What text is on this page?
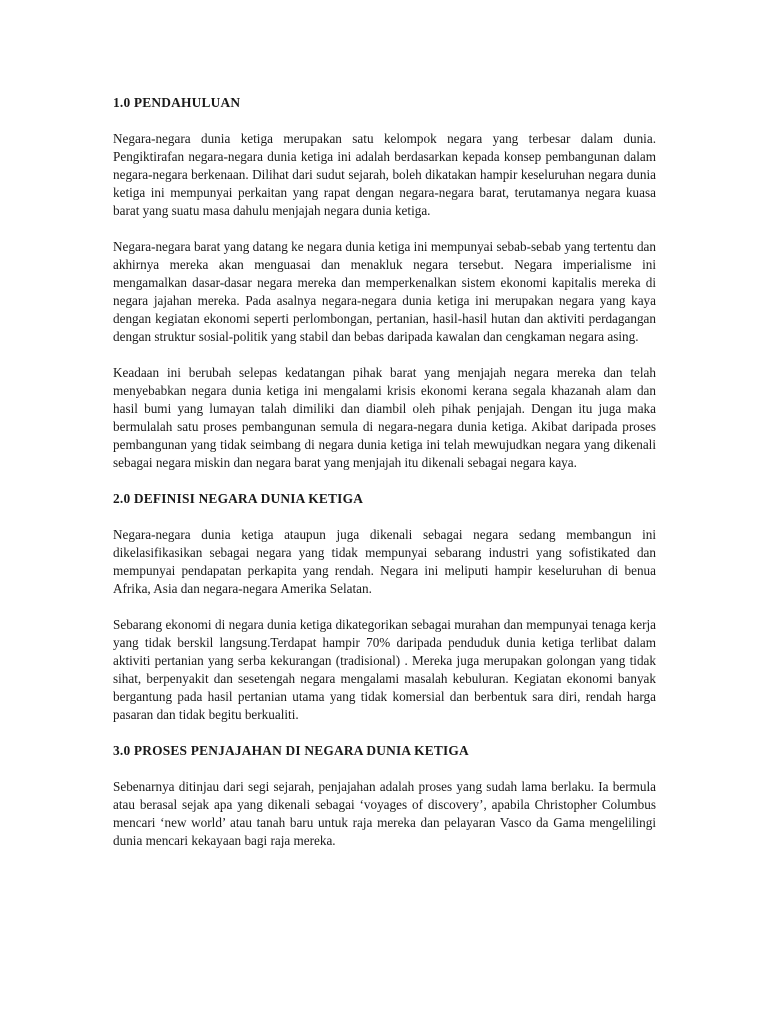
1.0 PENDAHULUAN

Negara-negara dunia ketiga merupakan satu kelompok negara yang terbesar dalam dunia. Pengiktirafan negara-negara dunia ketiga ini adalah berdasarkan kepada konsep pembangunan dalam negara-negara berkenaan. Dilihat dari sudut sejarah, boleh dikatakan hampir keseluruhan negara dunia ketiga ini mempunyai perkaitan yang rapat dengan negara-negara barat, terutamanya negara kuasa barat yang suatu masa dahulu menjajah negara dunia ketiga.

Negara-negara barat yang datang ke negara dunia ketiga ini mempunyai sebab-sebab yang tertentu dan akhirnya mereka akan menguasai dan menakluk negara tersebut. Negara imperialisme ini mengamalkan dasar-dasar negara mereka dan memperkenalkan sistem ekonomi kapitalis mereka di negara jajahan mereka. Pada asalnya negara-negara dunia ketiga ini merupakan negara yang kaya dengan kegiatan ekonomi seperti perlombongan, pertanian, hasil-hasil hutan dan aktiviti perdagangan dengan struktur sosial-politik yang stabil dan bebas daripada kawalan dan cengkaman negara asing.

Keadaan ini berubah selepas kedatangan pihak barat yang menjajah negara mereka dan telah menyebabkan negara dunia ketiga ini mengalami krisis ekonomi kerana segala khazanah alam dan hasil bumi yang lumayan talah dimiliki dan diambil oleh pihak penjajah. Dengan itu juga maka bermulalah satu proses pembangunan semula di negara-negara dunia ketiga. Akibat daripada proses pembangunan yang tidak seimbang di negara dunia ketiga ini telah mewujudkan negara yang dikenali sebagai negara miskin dan negara barat yang menjajah itu dikenali sebagai negara kaya.

2.0 DEFINISI NEGARA DUNIA KETIGA

Negara-negara dunia ketiga ataupun juga dikenali sebagai negara sedang membangun ini dikelasifikasikan sebagai negara yang tidak mempunyai sebarang industri yang sofistikated dan mempunyai pendapatan perkapita yang rendah. Negara ini meliputi hampir keseluruhan di benua Afrika, Asia dan negara-negara Amerika Selatan.

Sebarang ekonomi di negara dunia ketiga dikategorikan sebagai murahan dan mempunyai tenaga kerja yang tidak berskil langsung.Terdapat hampir 70% daripada penduduk dunia ketiga terlibat dalam aktiviti pertanian yang serba kekurangan (tradisional) . Mereka juga merupakan golongan yang tidak sihat, berpenyakit dan sesetengah negara mengalami masalah kebuluran. Kegiatan ekonomi banyak bergantung pada hasil pertanian utama yang tidak komersial dan berbentuk sara diri, rendah harga pasaran dan tidak begitu berkualiti.

3.0 PROSES PENJAJAHAN DI NEGARA DUNIA KETIGA

Sebenarnya ditinjau dari segi sejarah, penjajahan adalah proses yang sudah lama berlaku. Ia bermula atau berasal sejak apa yang dikenali sebagai ‘voyages of discovery’, apabila Christopher Columbus mencari ‘new world’ atau tanah baru untuk raja mereka dan pelayaran Vasco da Gama mengelilingi dunia mencari kekayaan bagi raja mereka.
